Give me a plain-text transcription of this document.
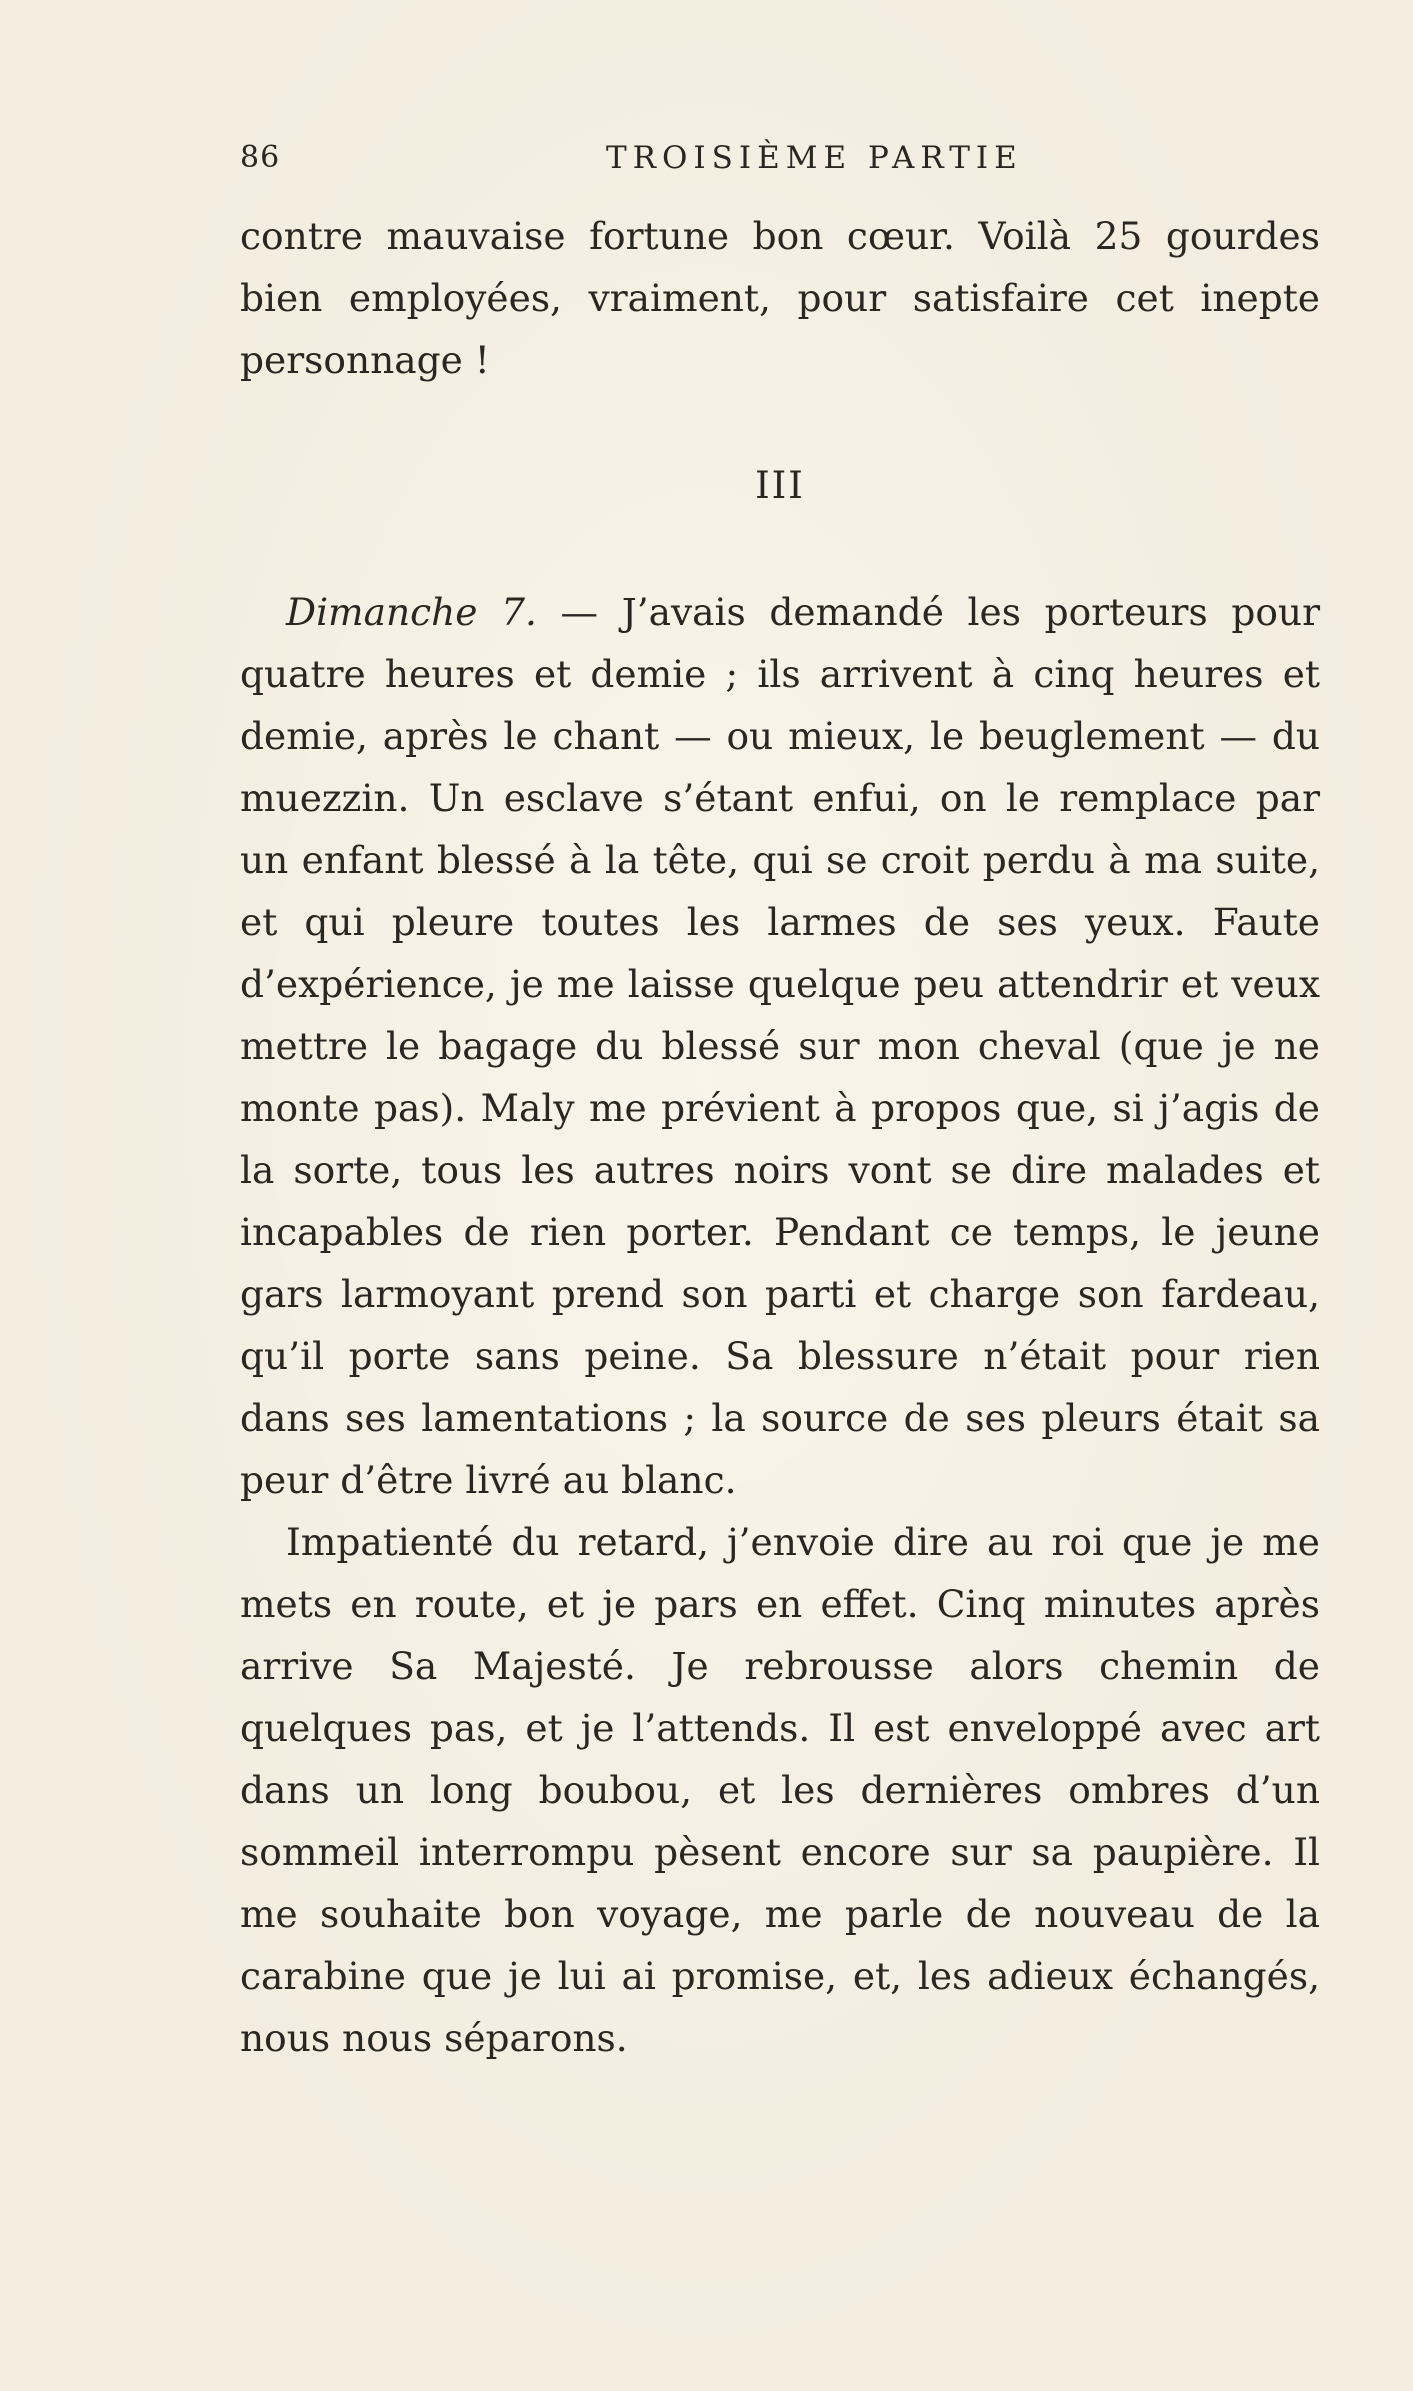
86	TROISIÈME PARTIE

contre mauvaise fortune bon cœur. Voilà 25 gourdes bien employées, vraiment, pour satisfaire cet inepte personnage !

III

Dimanche 7. — J’avais demandé les porteurs pour quatre heures et demie ; ils arrivent à cinq heures et demie, après le chant — ou mieux, le beuglement — du muezzin. Un esclave s’étant enfui, on le remplace par un enfant blessé à la tête, qui se croit perdu à ma suite, et qui pleure toutes les larmes de ses yeux. Faute d’expérience, je me laisse quelque peu attendrir et veux mettre le bagage du blessé sur mon cheval (que je ne monte pas). Maly me prévient à propos que, si j’agis de la sorte, tous les autres noirs vont se dire malades et incapables de rien porter. Pendant ce temps, le jeune gars larmoyant prend son parti et charge son fardeau, qu’il porte sans peine. Sa blessure n’était pour rien dans ses lamentations ; la source de ses pleurs était sa peur d’être livré au blanc.

Impatienté du retard, j’envoie dire au roi que je me mets en route, et je pars en effet. Cinq minutes après arrive Sa Majesté. Je rebrousse alors chemin de quelques pas, et je l’attends. Il est enveloppé avec art dans un long boubou, et les dernières ombres d’un sommeil interrompu pèsent encore sur sa paupière. Il me souhaite bon voyage, me parle de nouveau de la carabine que je lui ai promise, et, les adieux échangés, nous nous séparons.
